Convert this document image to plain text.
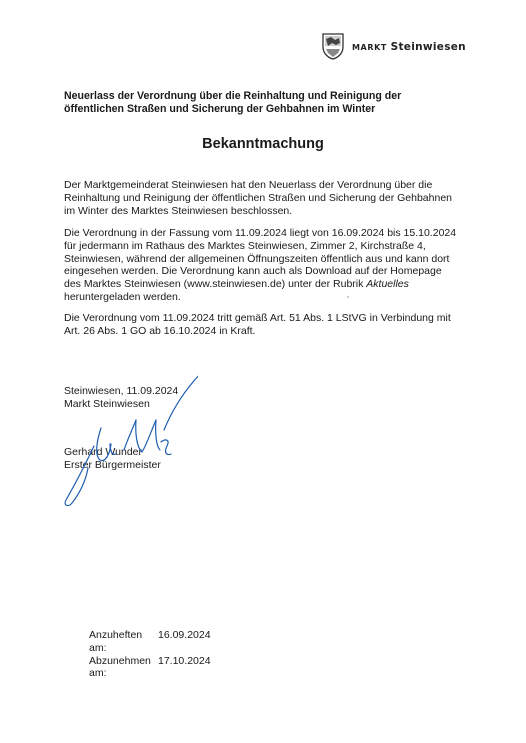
MARKT Steinwiesen
Neuerlass der Verordnung über die Reinhaltung und Reinigung der
öffentlichen Straßen und Sicherung der Gehbahnen im Winter
Bekanntmachung

Der Marktgemeinderat Steinwiesen hat den Neuerlass der Verordnung über die

Reinhaltung und Reinigung der öffentlichen Straßen und Sicherung der Gehbahnen

im Winter des Marktes Steinwiesen beschlossen.

Die Verordnung in der Fassung vom 11.09.2024 liegt von 16.09.2024 bis 15.10.2024

für jedermann im Rathaus des Marktes Steinwiesen, Zimmer 2, Kirchstraße 4,

Steinwiesen, während der allgemeinen Öffnungszeiten öffentlich aus und kann dort

eingesehen werden. Die Verordnung kann auch als Download auf der Homepage

des Marktes Steinwiesen (www.steinwiesen.de) unter der Rubrik Aktuelles

heruntergeladen werden.

Die Verordnung vom 11.09.2024 tritt gemäß Art. 51 Abs. 1 LStVG in Verbindung mit

Art. 26 Abs. 1 GO ab 16.10.2024 in Kraft.

Steinwiesen, 11.09.2024
Markt Steinwiesen
Gerhard Wunder
Erster Bürgermeister
Anzuheften am:
16.09.2024
Abzunehmen am:
17.10.2024
